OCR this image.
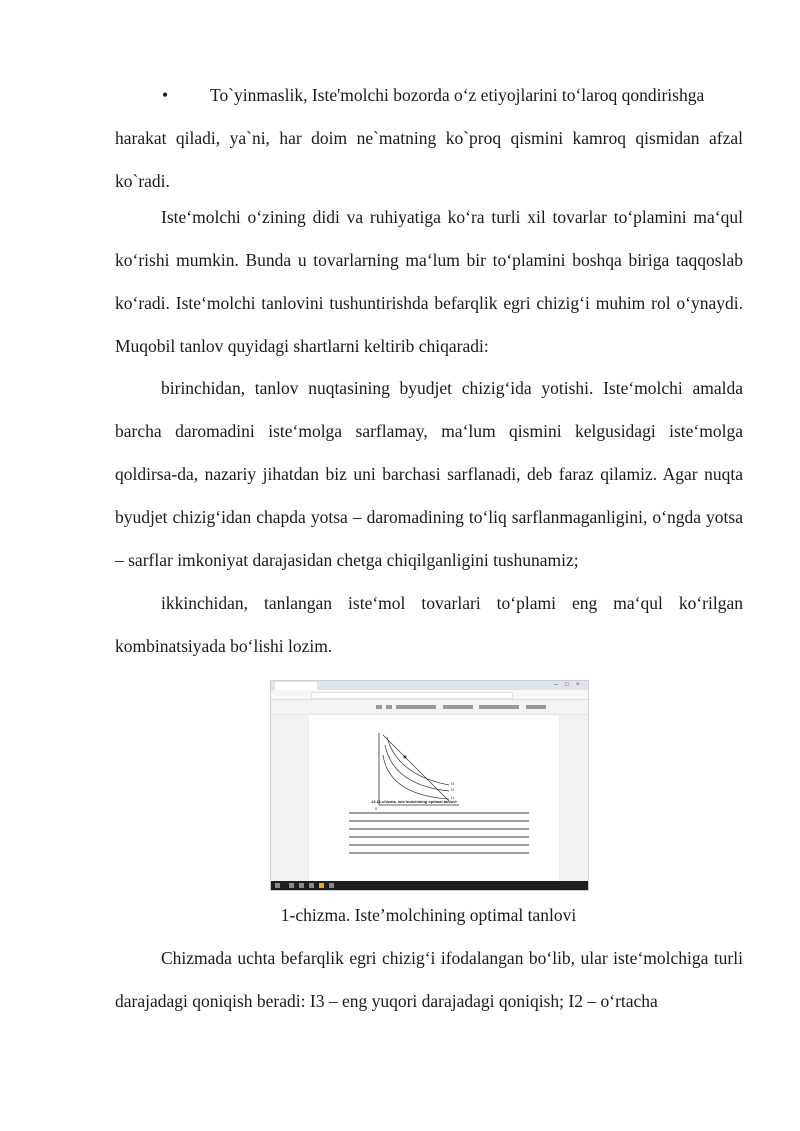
• To`yinmaslik, Iste'molchi bozorda o‘z etiyojlarini to‘laroq qondirishga

harakat qiladi, ya`ni, har doim ne`matning ko`proq qismini kamroq qismidan afzal ko`radi.

Iste‘molchi o‘zining didi va ruhiyatiga ko‘ra turli xil tovarlar to‘plamini ma‘qul ko‘rishi mumkin. Bunda u tovarlarning ma‘lum bir to‘plamini boshqa biriga taqqoslab ko‘radi. Iste‘molchi tanlovini tushuntirishda befarqlik egri chizig‘i muhim rol o‘ynaydi. Muqobil tanlov quyidagi shartlarni keltirib chiqaradi:

birinchidan, tanlov nuqtasining byudjet chizig‘ida yotishi. Iste‘molchi amalda barcha daromadini iste‘molga sarflamay, ma‘lum qismini kelgusidagi iste‘molga qoldirsa-da, nazariy jihatdan biz uni barchasi sarflanadi, deb faraz qilamiz. Agar nuqta byudjet chizig‘idan chapda yotsa – daromadining to‘liq sarflanmaganligini, o‘ngda yotsa – sarflar imkoniyat darajasidan chetga chiqilganligini tushunamiz;

ikkinchidan, tanlangan iste‘mol tovarlari to‘plami eng ma‘qul ko‘rilgan kombinatsiyada bo‘lishi lozim.

–	□	×
I3
I2
I1
0
13.11-chizma. Iste’molchining optimal tanlovi
1-chizma. Iste’molchining optimal tanlovi

Chizmada uchta befarqlik egri chizig‘i ifodalangan bo‘lib, ular iste‘molchiga turli darajadagi qoniqish beradi: I3 – eng yuqori darajadagi qoniqish; I2 – o‘rtacha
